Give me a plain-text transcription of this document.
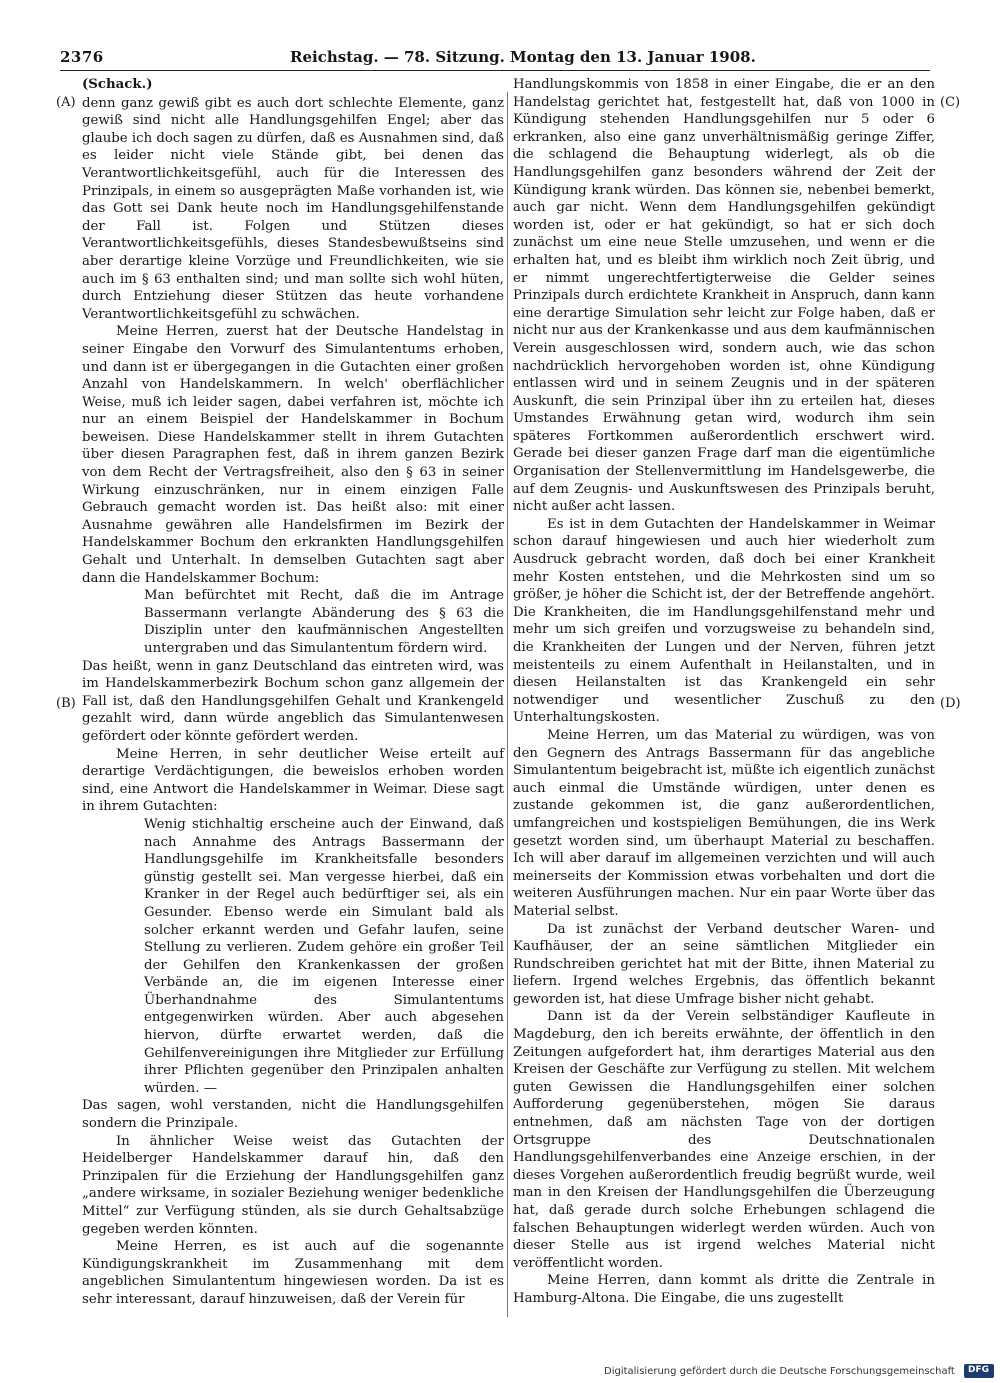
2376	Reichstag. — 78. Sitzung. Montag den 13. Januar 1908.
(A)
(B)
(C)
(D)

(Schack.)

denn ganz gewiß gibt es auch dort schlechte Elemente, ganz gewiß sind nicht alle Handlungsgehilfen Engel; aber das glaube ich doch sagen zu dürfen, daß es Ausnahmen sind, daß es leider nicht viele Stände gibt, bei denen das Verantwortlichkeitsgefühl, auch für die Interessen des Prinzipals, in einem so ausgeprägten Maße vorhanden ist, wie das Gott sei Dank heute noch im Handlungsgehilfenstande der Fall ist. Folgen und Stützen dieses Verantwortlichkeitsgefühls, dieses Standesbewußtseins sind aber derartige kleine Vorzüge und Freundlichkeiten, wie sie auch im § 63 enthalten sind; und man sollte sich wohl hüten, durch Entziehung dieser Stützen das heute vorhandene Verantwortlichkeitsgefühl zu schwächen.

Meine Herren, zuerst hat der Deutsche Handelstag in seiner Eingabe den Vorwurf des Simulantentums erhoben, und dann ist er übergegangen in die Gutachten einer großen Anzahl von Handelskammern. In welch' oberflächlicher Weise, muß ich leider sagen, dabei verfahren ist, möchte ich nur an einem Beispiel der Handelskammer in Bochum beweisen. Diese Handelskammer stellt in ihrem Gutachten über diesen Paragraphen fest, daß in ihrem ganzen Bezirk von dem Recht der Vertragsfreiheit, also den § 63 in seiner Wirkung einzuschränken, nur in einem einzigen Falle Gebrauch gemacht worden ist. Das heißt also: mit einer Ausnahme gewähren alle Handelsfirmen im Bezirk der Handelskammer Bochum den erkrankten Handlungsgehilfen Gehalt und Unterhalt. In demselben Gutachten sagt aber dann die Handelskammer Bochum:

Man befürchtet mit Recht, daß die im Antrage Bassermann verlangte Abänderung des § 63 die Disziplin unter den kaufmännischen Angestellten untergraben und das Simulantentum fördern wird.

Das heißt, wenn in ganz Deutschland das eintreten wird, was im Handelskammerbezirk Bochum schon ganz allgemein der Fall ist, daß den Handlungsgehilfen Gehalt und Krankengeld gezahlt wird, dann würde angeblich das Simulantenwesen gefördert oder könnte gefördert werden.

Meine Herren, in sehr deutlicher Weise erteilt auf derartige Verdächtigungen, die beweislos erhoben worden sind, eine Antwort die Handelskammer in Weimar. Diese sagt in ihrem Gutachten:

Wenig stichhaltig erscheine auch der Einwand, daß nach Annahme des Antrags Bassermann der Handlungsgehilfe im Krankheitsfalle besonders günstig gestellt sei. Man vergesse hierbei, daß ein Kranker in der Regel auch bedürftiger sei, als ein Gesunder. Ebenso werde ein Simulant bald als solcher erkannt werden und Gefahr laufen, seine Stellung zu verlieren. Zudem gehöre ein großer Teil der Gehilfen den Krankenkassen der großen Verbände an, die im eigenen Interesse einer Überhandnahme des Simulantentums entgegenwirken würden. Aber auch abgesehen hiervon, dürfte erwartet werden, daß die Gehilfenvereinigungen ihre Mitglieder zur Erfüllung ihrer Pflichten gegenüber den Prinzipalen anhalten würden. —

Das sagen, wohl verstanden, nicht die Handlungsgehilfen sondern die Prinzipale.

In ähnlicher Weise weist das Gutachten der Heidelberger Handelskammer darauf hin, daß den Prinzipalen für die Erziehung der Handlungsgehilfen ganz „andere wirksame, in sozialer Beziehung weniger bedenkliche Mittel“ zur Verfügung stünden, als sie durch Gehaltsabzüge gegeben werden könnten.

Meine Herren, es ist auch auf die sogenannte Kündigungskrankheit im Zusammenhang mit dem angeblichen Simulantentum hingewiesen worden. Da ist es sehr interessant, darauf hinzuweisen, daß der Verein für

Handlungskommis von 1858 in einer Eingabe, die er an den Handelstag gerichtet hat, festgestellt hat, daß von 1000 in Kündigung stehenden Handlungsgehilfen nur 5 oder 6 erkranken, also eine ganz unverhältnismäßig geringe Ziffer, die schlagend die Behauptung widerlegt, als ob die Handlungsgehilfen ganz besonders während der Zeit der Kündigung krank würden. Das können sie, nebenbei bemerkt, auch gar nicht. Wenn dem Handlungsgehilfen gekündigt worden ist, oder er hat gekündigt, so hat er sich doch zunächst um eine neue Stelle umzusehen, und wenn er die erhalten hat, und es bleibt ihm wirklich noch Zeit übrig, und er nimmt ungerechtfertigterweise die Gelder seines Prinzipals durch erdichtete Krankheit in Anspruch, dann kann eine derartige Simulation sehr leicht zur Folge haben, daß er nicht nur aus der Krankenkasse und aus dem kaufmännischen Verein ausgeschlossen wird, sondern auch, wie das schon nachdrücklich hervorgehoben worden ist, ohne Kündigung entlassen wird und in seinem Zeugnis und in der späteren Auskunft, die sein Prinzipal über ihn zu erteilen hat, dieses Umstandes Erwähnung getan wird, wodurch ihm sein späteres Fortkommen außerordentlich erschwert wird. Gerade bei dieser ganzen Frage darf man die eigentümliche Organisation der Stellenvermittlung im Handelsgewerbe, die auf dem Zeugnis- und Auskunftswesen des Prinzipals beruht, nicht außer acht lassen.

Es ist in dem Gutachten der Handelskammer in Weimar schon darauf hingewiesen und auch hier wiederholt zum Ausdruck gebracht worden, daß doch bei einer Krankheit mehr Kosten entstehen, und die Mehrkosten sind um so größer, je höher die Schicht ist, der der Betreffende angehört. Die Krankheiten, die im Handlungsgehilfenstand mehr und mehr um sich greifen und vorzugsweise zu behandeln sind, die Krankheiten der Lungen und der Nerven, führen jetzt meistenteils zu einem Aufenthalt in Heilanstalten, und in diesen Heilanstalten ist das Krankengeld ein sehr notwendiger und wesentlicher Zuschuß zu den Unterhaltungskosten.

Meine Herren, um das Material zu würdigen, was von den Gegnern des Antrags Bassermann für das angebliche Simulantentum beigebracht ist, müßte ich eigentlich zunächst auch einmal die Umstände würdigen, unter denen es zustande gekommen ist, die ganz außerordentlichen, umfangreichen und kostspieligen Bemühungen, die ins Werk gesetzt worden sind, um überhaupt Material zu beschaffen. Ich will aber darauf im allgemeinen verzichten und will auch meinerseits der Kommission etwas vorbehalten und dort die weiteren Ausführungen machen. Nur ein paar Worte über das Material selbst.

Da ist zunächst der Verband deutscher Waren- und Kaufhäuser, der an seine sämtlichen Mitglieder ein Rundschreiben gerichtet hat mit der Bitte, ihnen Material zu liefern. Irgend welches Ergebnis, das öffentlich bekannt geworden ist, hat diese Umfrage bisher nicht gehabt.

Dann ist da der Verein selbständiger Kaufleute in Magdeburg, den ich bereits erwähnte, der öffentlich in den Zeitungen aufgefordert hat, ihm derartiges Material aus den Kreisen der Geschäfte zur Verfügung zu stellen. Mit welchem guten Gewissen die Handlungsgehilfen einer solchen Aufforderung gegenüberstehen, mögen Sie daraus entnehmen, daß am nächsten Tage von der dortigen Ortsgruppe des Deutschnationalen Handlungsgehilfenverbandes eine Anzeige erschien, in der dieses Vorgehen außerordentlich freudig begrüßt wurde, weil man in den Kreisen der Handlungsgehilfen die Überzeugung hat, daß gerade durch solche Erhebungen schlagend die falschen Behauptungen widerlegt werden würden. Auch von dieser Stelle aus ist irgend welches Material nicht veröffentlicht worden.

Meine Herren, dann kommt als dritte die Zentrale in Hamburg-Altona. Die Eingabe, die uns zugestellt

Digitalisierung gefördert durch die Deutsche Forschungsgemeinschaft DFG
